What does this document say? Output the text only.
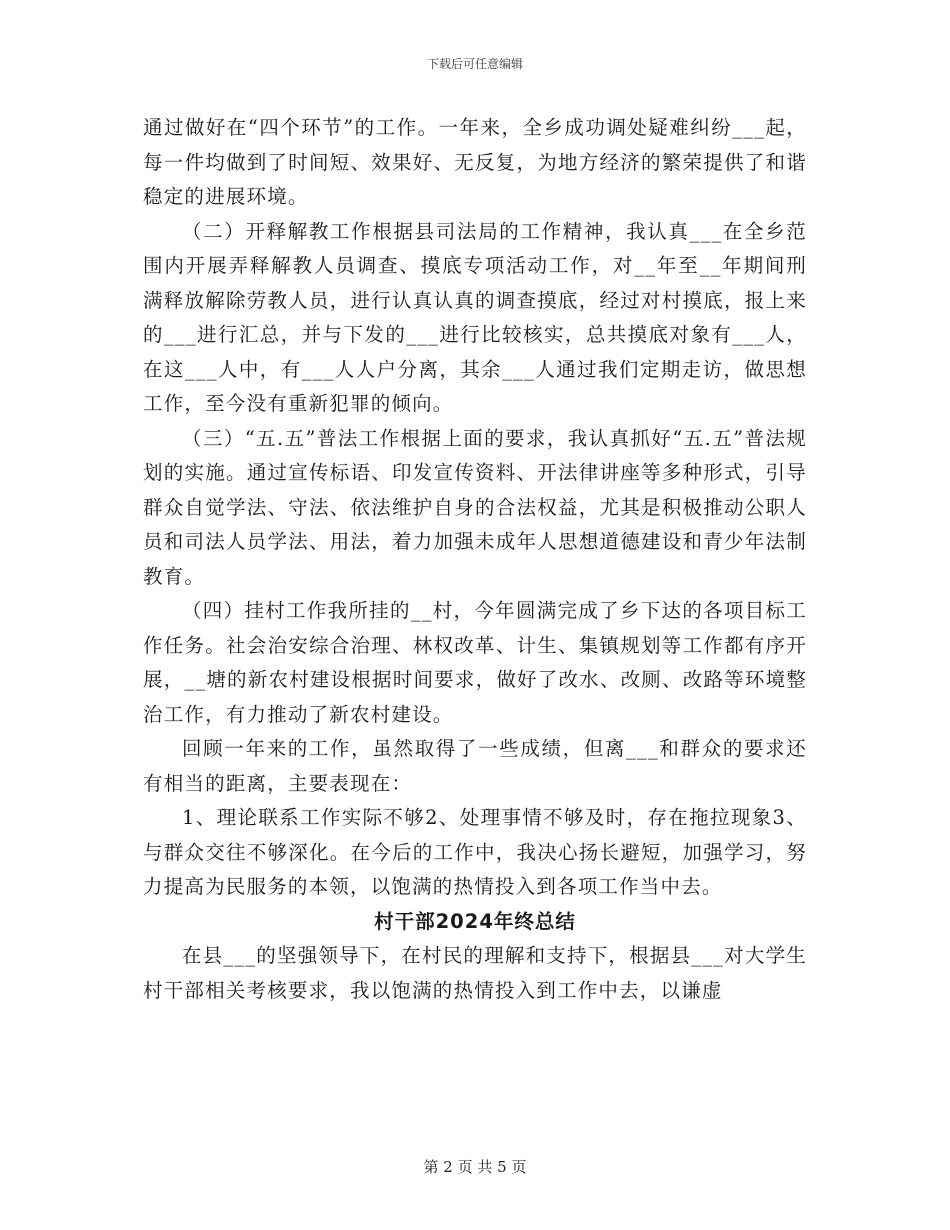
下载后可任意编辑

通过做好在“四个环节”的工作。一年来，全乡成功调处疑难纠纷___起，每一件均做到了时间短、效果好、无反复，为地方经济的繁荣提供了和谐稳定的进展环境。

（二）开释解教工作根据县司法局的工作精神，我认真___在全乡范围内开展弄释解教人员调查、摸底专项活动工作，对__年至__年期间刑满释放解除劳教人员，进行认真认真的调查摸底，经过对村摸底，报上来的___进行汇总，并与下发的___进行比较核实，总共摸底对象有___人，在这___人中，有___人人户分离，其余___人通过我们定期走访，做思想工作，至今没有重新犯罪的倾向。

（三）“五.五”普法工作根据上面的要求，我认真抓好“五.五”普法规划的实施。通过宣传标语、印发宣传资料、开法律讲座等多种形式，引导群众自觉学法、守法、依法维护自身的合法权益，尤其是积极推动公职人员和司法人员学法、用法，着力加强未成年人思想道德建设和青少年法制教育。

（四）挂村工作我所挂的__村，今年圆满完成了乡下达的各项目标工作任务。社会治安综合治理、林权改革、计生、集镇规划等工作都有序开展，__塘的新农村建设根据时间要求，做好了改水、改厕、改路等环境整治工作，有力推动了新农村建设。

回顾一年来的工作，虽然取得了一些成绩，但离___和群众的要求还有相当的距离，主要表现在：

1、理论联系工作实际不够2、处理事情不够及时，存在拖拉现象3、与群众交往不够深化。在今后的工作中，我决心扬长避短，加强学习，努力提高为民服务的本领，以饱满的热情投入到各项工作当中去。

村干部2024年终总结

在县___的坚强领导下，在村民的理解和支持下，根据县___对大学生村干部相关考核要求，我以饱满的热情投入到工作中去，以谦虚

第 2 页 共 5 页
